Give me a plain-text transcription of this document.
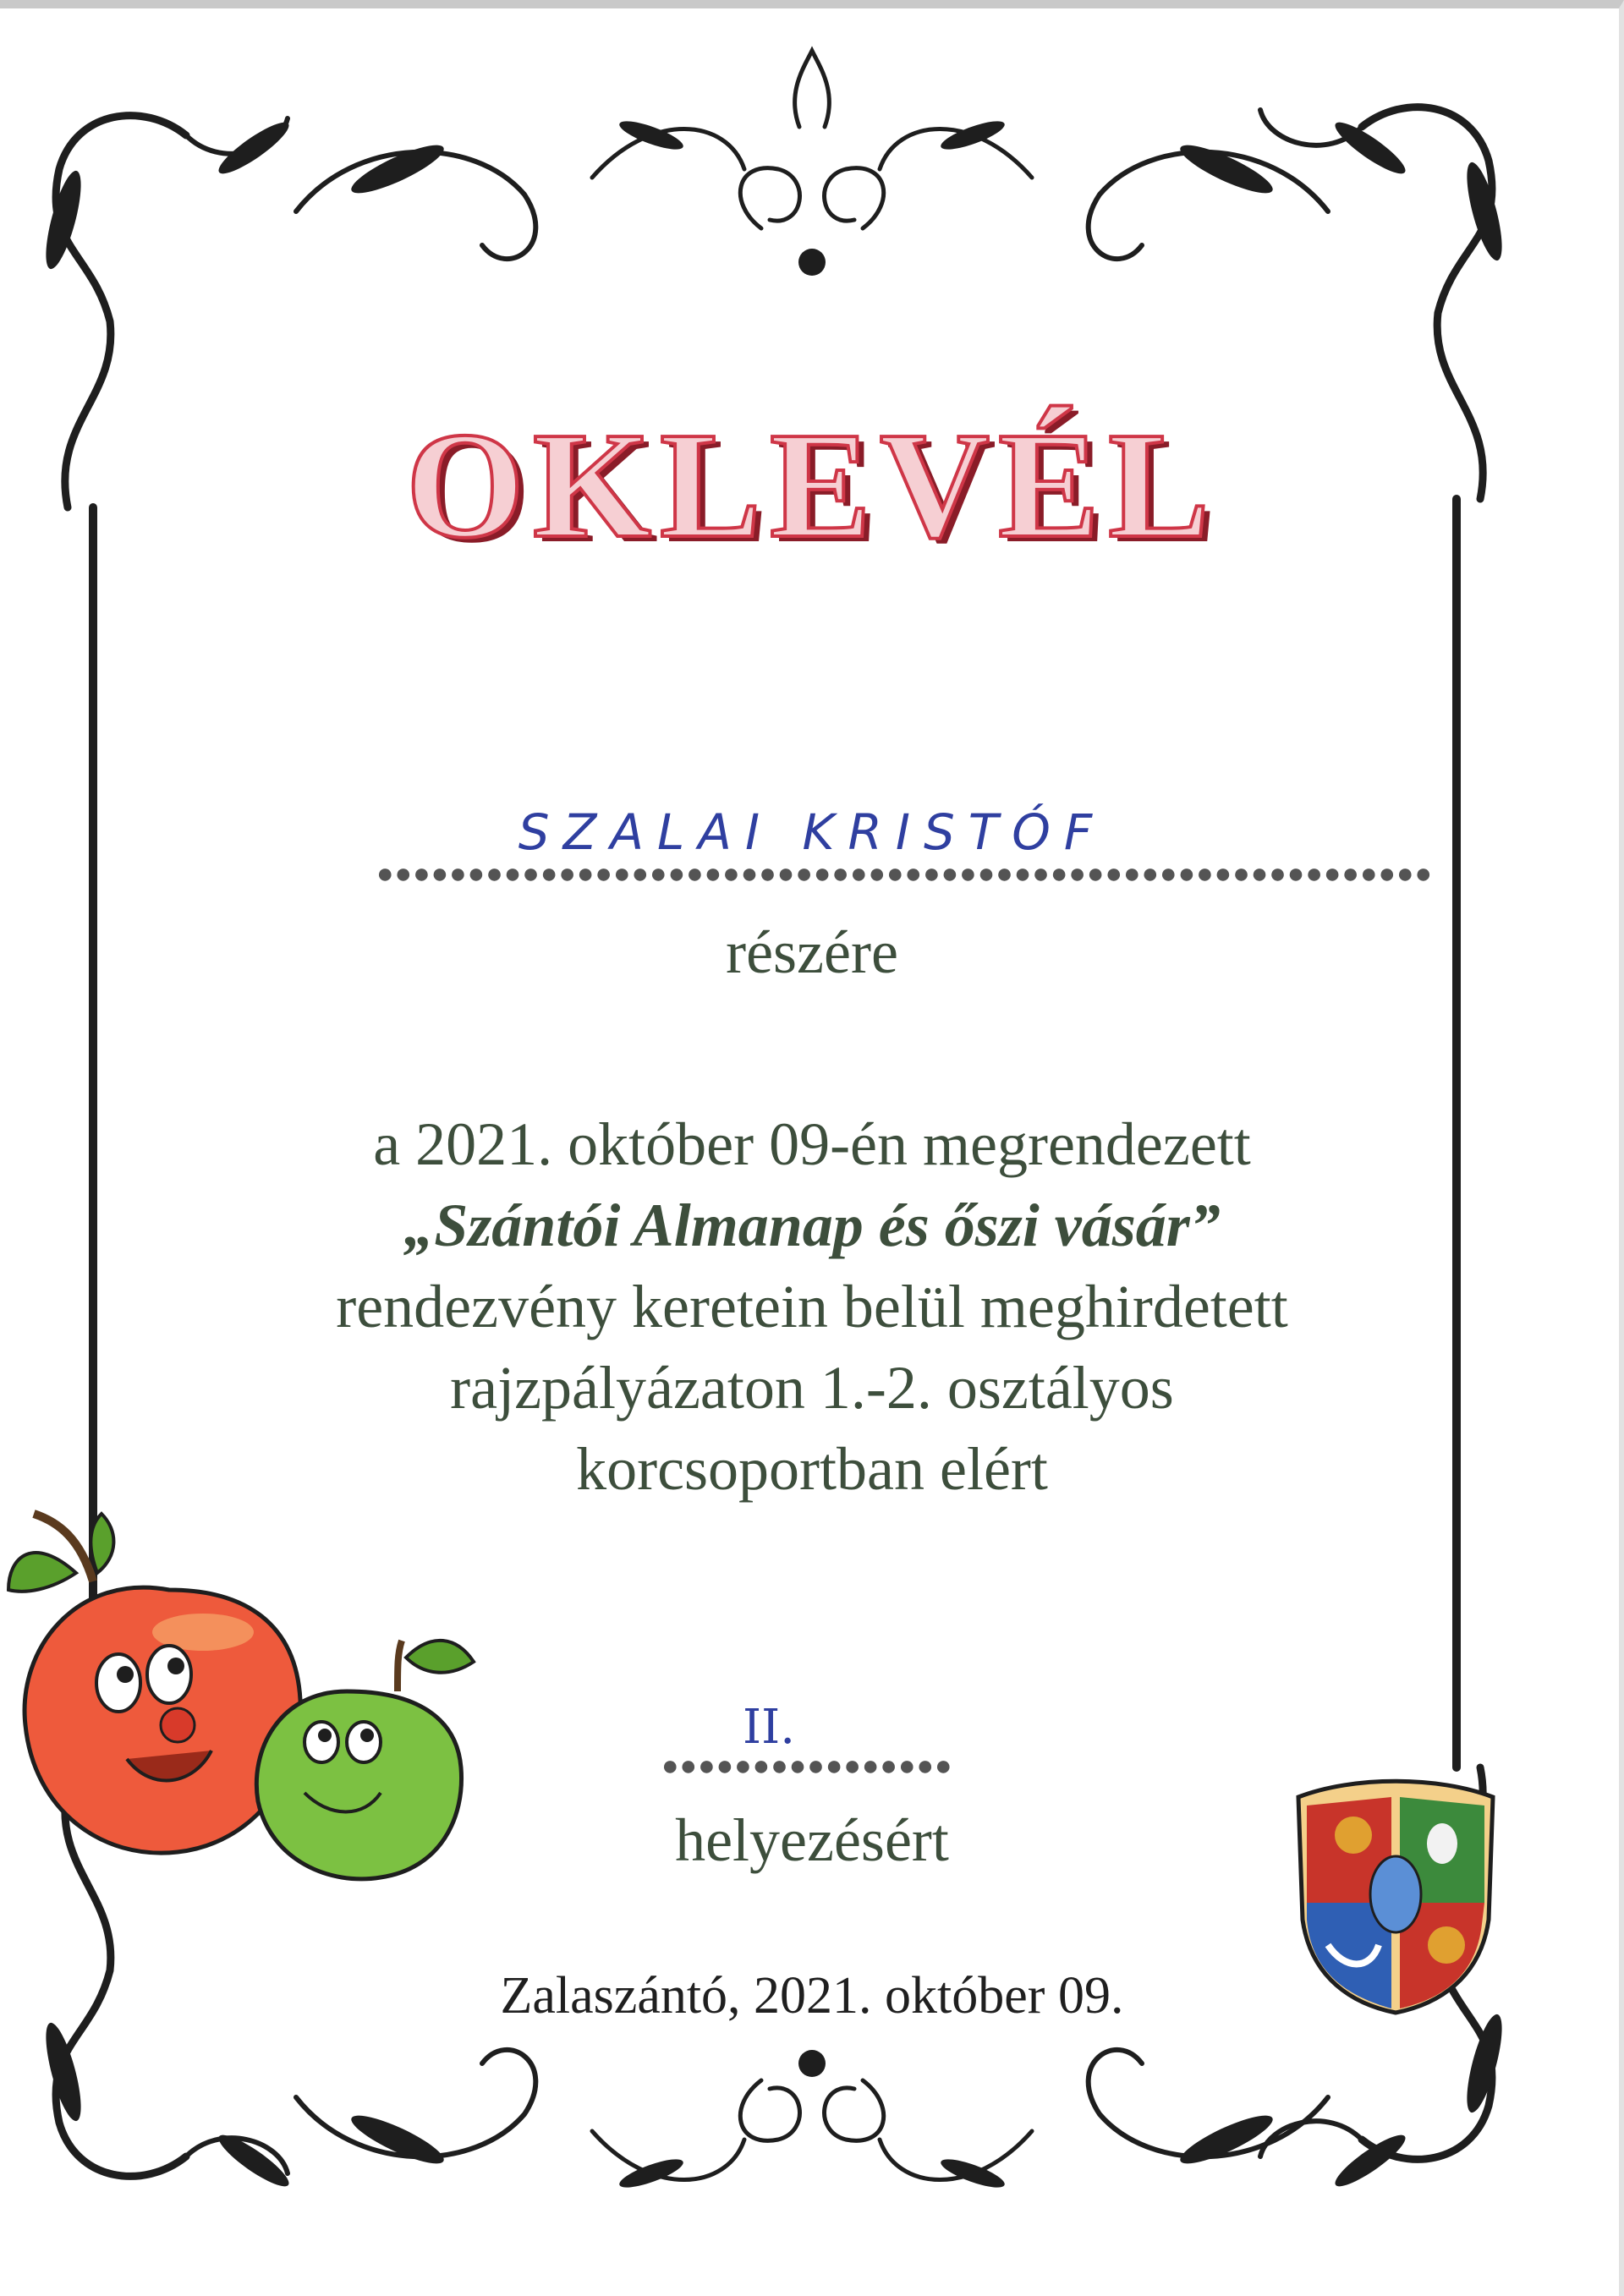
OKLEVÉL
SZALAI KRISTÓF
●●●●●●●●●●●●●●●●●●●●●●●●●●●●●●●●●●●●●●●●●●●●●●●●●●●●●●●●●●

részére

a 2021. október 09-én megrendezett

„Szántói Almanap és őszi vásár”

rendezvény keretein belül meghirdetett

rajzpályázaton 1.-2. osztályos

korcsoportban elért

II.
●●●●●●●●●●●●●●●●

helyezésért

Zalaszántó, 2021. október 09.
